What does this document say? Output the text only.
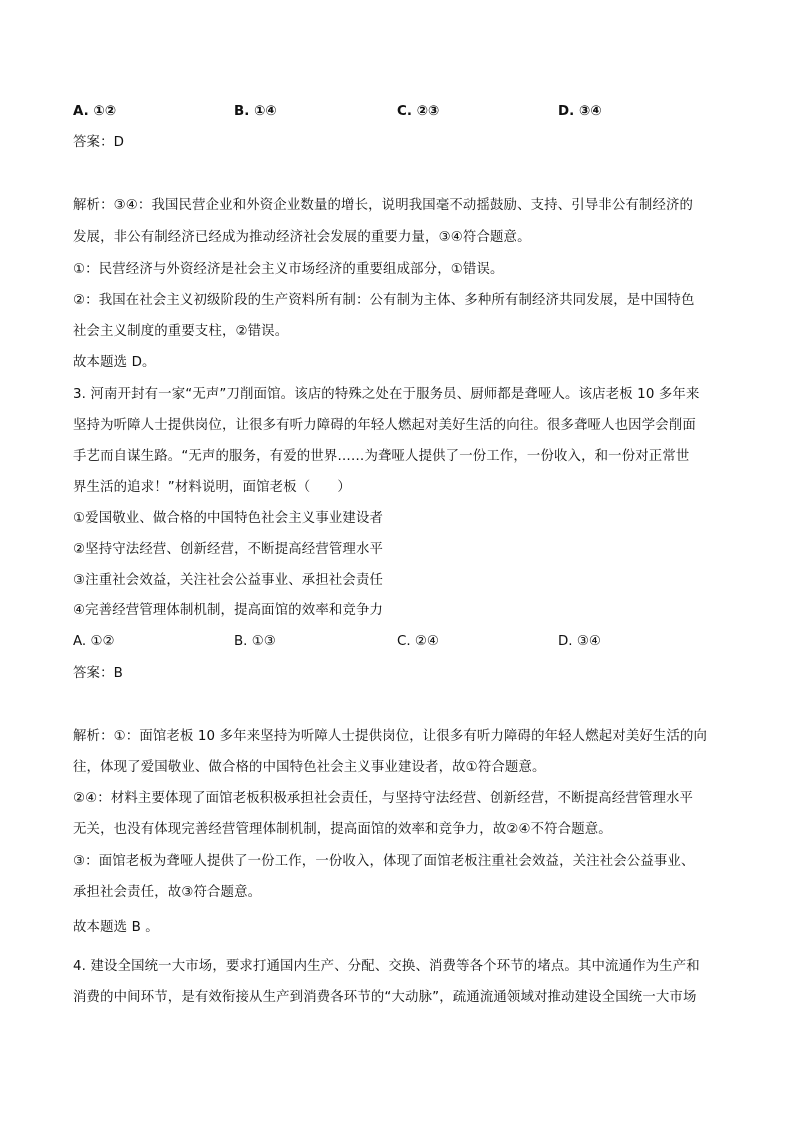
A. ①②	B. ①④	C. ②③	D. ③④
答案：D
解析：③④：我国民营企业和外资企业数量的增长，说明我国毫不动摇鼓励、支持、引导非公有制经济的
发展，非公有制经济已经成为推动经济社会发展的重要力量，③④符合题意。
①：民营经济与外资经济是社会主义市场经济的重要组成部分，①错误。
②：我国在社会主义初级阶段的生产资料所有制：公有制为主体、多种所有制经济共同发展，是中国特色
社会主义制度的重要支柱，②错误。
故本题选 D。
3. 河南开封有一家“无声”刀削面馆。该店的特殊之处在于服务员、厨师都是聋哑人。该店老板 10 多年来
坚持为听障人士提供岗位，让很多有听力障碍的年轻人燃起对美好生活的向往。很多聋哑人也因学会削面
手艺而自谋生路。“无声的服务，有爱的世界……为聋哑人提供了一份工作，一份收入，和一份对正常世
界生活的追求！”材料说明，面馆老板（　　）
①爱国敬业、做合格的中国特色社会主义事业建设者
②坚持守法经营、创新经营，不断提高经营管理水平
③注重社会效益，关注社会公益事业、承担社会责任
④完善经营管理体制机制，提高面馆的效率和竞争力
A. ①②	B. ①③	C. ②④	D. ③④
答案：B
解析：①：面馆老板 10 多年来坚持为听障人士提供岗位，让很多有听力障碍的年轻人燃起对美好生活的向
往，体现了爱国敬业、做合格的中国特色社会主义事业建设者，故①符合题意。
②④：材料主要体现了面馆老板积极承担社会责任，与坚持守法经营、创新经营，不断提高经营管理水平
无关，也没有体现完善经营管理体制机制，提高面馆的效率和竞争力，故②④不符合题意。
③：面馆老板为聋哑人提供了一份工作，一份收入，体现了面馆老板注重社会效益，关注社会公益事业、
承担社会责任，故③符合题意。
故本题选 B 。
4. 建设全国统一大市场，要求打通国内生产、分配、交换、消费等各个环节的堵点。其中流通作为生产和
消费的中间环节，是有效衔接从生产到消费各环节的“大动脉”，疏通流通领域对推动建设全国统一大市场
